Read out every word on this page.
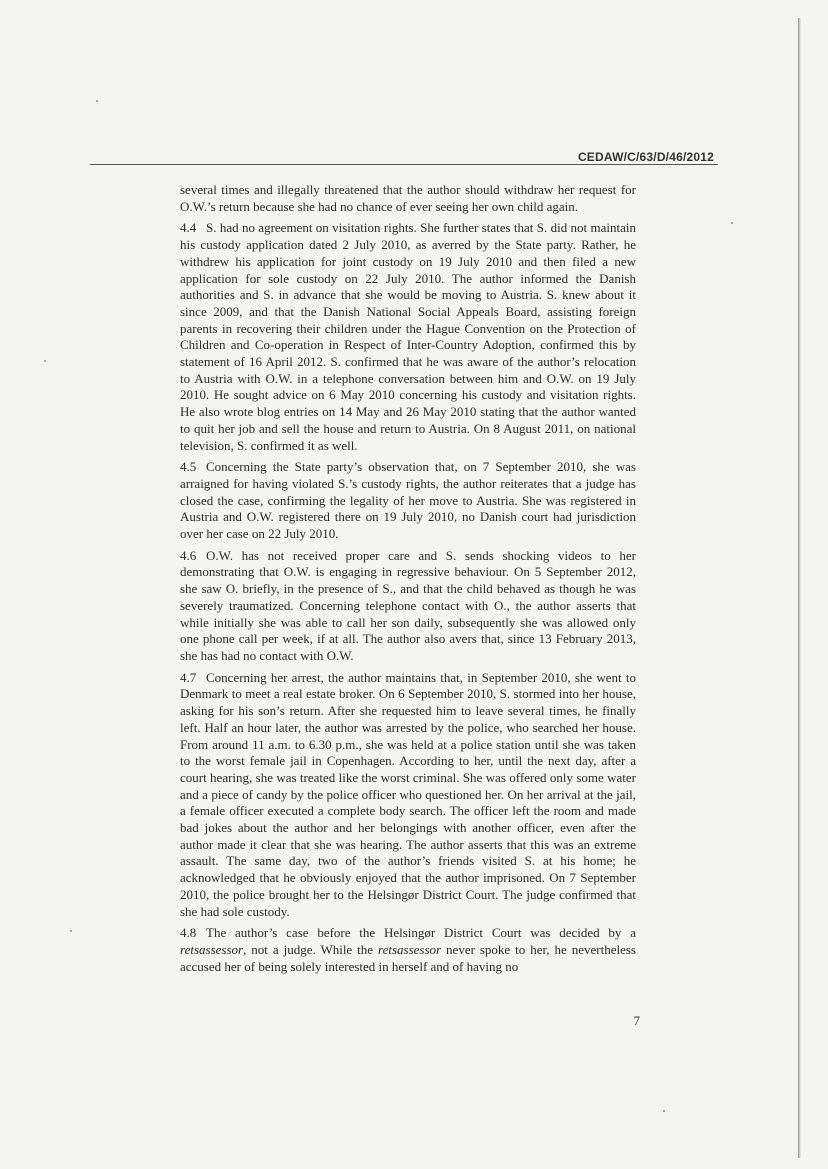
CEDAW/C/63/D/46/2012

several times and illegally threatened that the author should withdraw her request for O.W.’s return because she had no chance of ever seeing her own child again.

4.4 S. had no agreement on visitation rights. She further states that S. did not maintain his custody application dated 2 July 2010, as averred by the State party. Rather, he withdrew his application for joint custody on 19 July 2010 and then filed a new application for sole custody on 22 July 2010. The author informed the Danish authorities and S. in advance that she would be moving to Austria. S. knew about it since 2009, and that the Danish National Social Appeals Board, assisting foreign parents in recovering their children under the Hague Convention on the Protection of Children and Co-operation in Respect of Inter-Country Adoption, confirmed this by statement of 16 April 2012. S. confirmed that he was aware of the author’s relocation to Austria with O.W. in a telephone conversation between him and O.W. on 19 July 2010. He sought advice on 6 May 2010 concerning his custody and visitation rights. He also wrote blog entries on 14 May and 26 May 2010 stating that the author wanted to quit her job and sell the house and return to Austria. On 8 August 2011, on national television, S. confirmed it as well.

4.5 Concerning the State party’s observation that, on 7 September 2010, she was arraigned for having violated S.’s custody rights, the author reiterates that a judge has closed the case, confirming the legality of her move to Austria. She was registered in Austria and O.W. registered there on 19 July 2010, no Danish court had jurisdiction over her case on 22 July 2010.

4.6 O.W. has not received proper care and S. sends shocking videos to her demonstrating that O.W. is engaging in regressive behaviour. On 5 September 2012, she saw O. briefly, in the presence of S., and that the child behaved as though he was severely traumatized. Concerning telephone contact with O., the author asserts that while initially she was able to call her son daily, subsequently she was allowed only one phone call per week, if at all. The author also avers that, since 13 February 2013, she has had no contact with O.W.

4.7 Concerning her arrest, the author maintains that, in September 2010, she went to Denmark to meet a real estate broker. On 6 September 2010, S. stormed into her house, asking for his son’s return. After she requested him to leave several times, he finally left. Half an hour later, the author was arrested by the police, who searched her house. From around 11 a.m. to 6.30 p.m., she was held at a police station until she was taken to the worst female jail in Copenhagen. According to her, until the next day, after a court hearing, she was treated like the worst criminal. She was offered only some water and a piece of candy by the police officer who questioned her. On her arrival at the jail, a female officer executed a complete body search. The officer left the room and made bad jokes about the author and her belongings with another officer, even after the author made it clear that she was hearing. The author asserts that this was an extreme assault. The same day, two of the author’s friends visited S. at his home; he acknowledged that he obviously enjoyed that the author imprisoned. On 7 September 2010, the police brought her to the Helsingør District Court. The judge confirmed that she had sole custody.

4.8 The author’s case before the Helsingør District Court was decided by a retsassessor, not a judge. While the retsassessor never spoke to her, he nevertheless accused her of being solely interested in herself and of having no

7
